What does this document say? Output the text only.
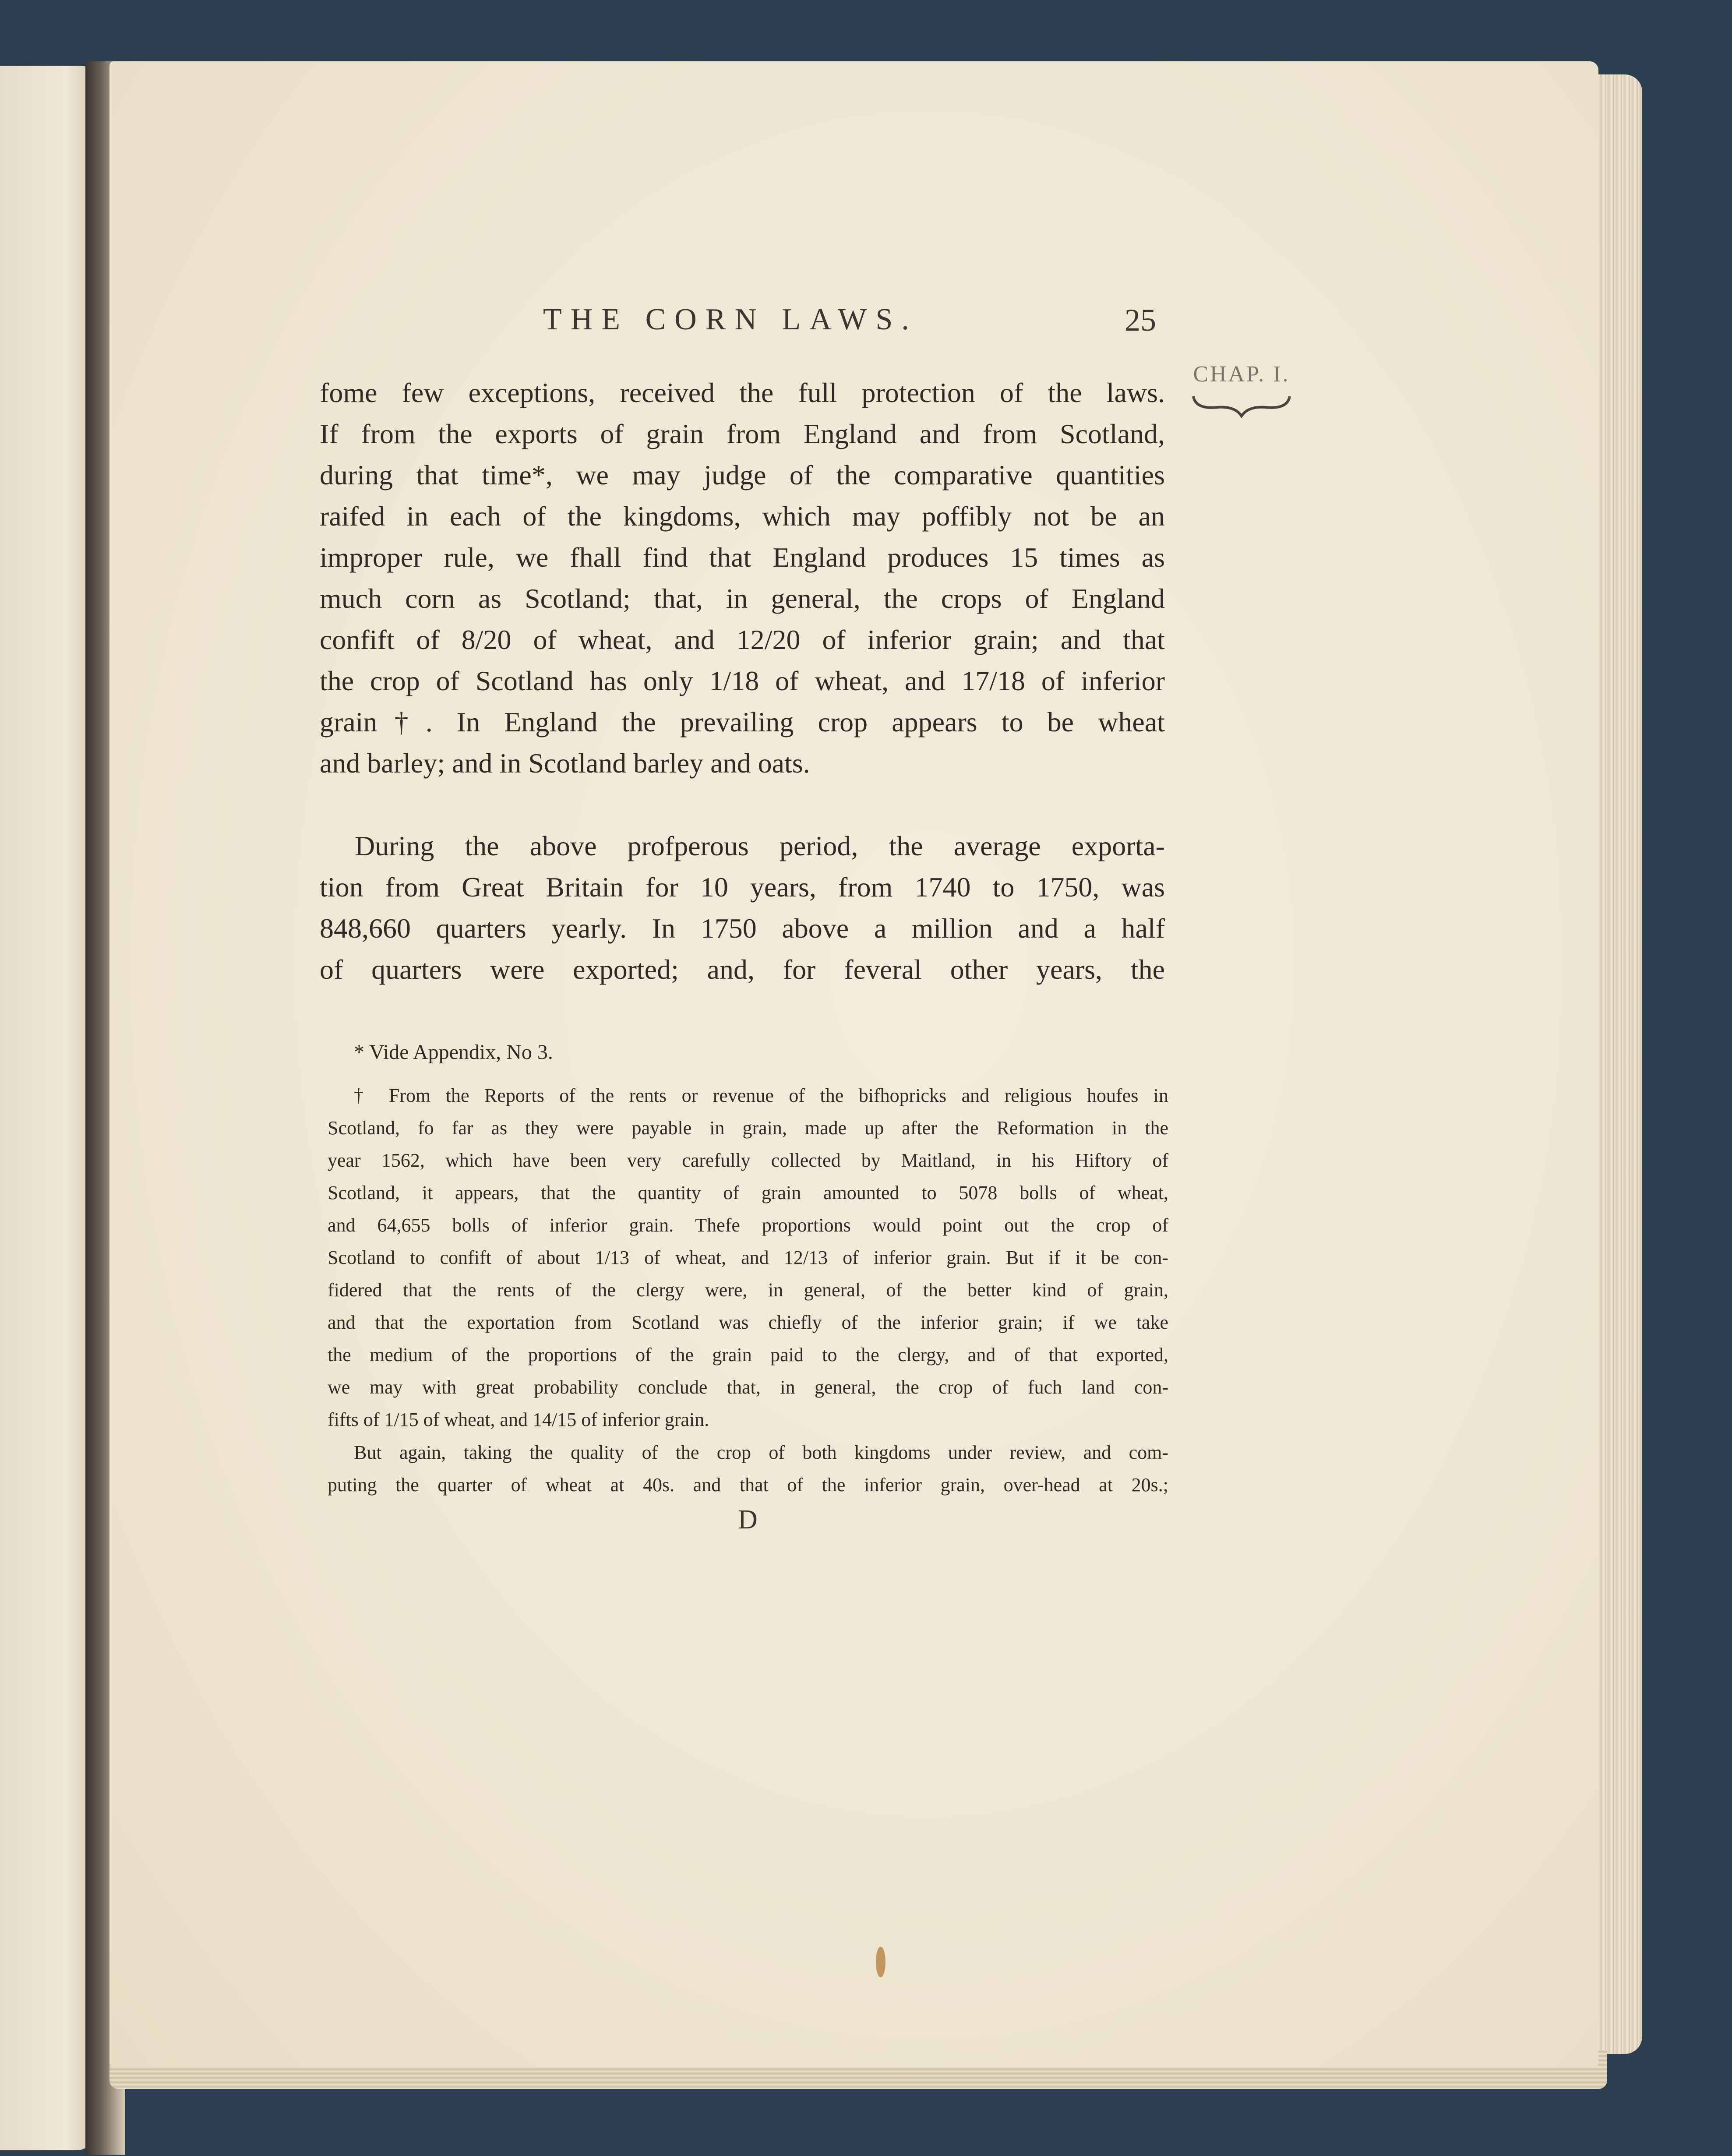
THE CORN LAWS.	25
CHAP. I.
fome few exceptions, received the full protection of the laws.
If from the exports of grain from England and from Scotland,
during that time*, we may judge of the comparative quantities
raifed in each of the kingdoms, which may poffibly not be an
improper rule, we fhall find that England produces 15 times as
much corn as Scotland; that, in general, the crops of England
confift of 8/20 of wheat, and 12/20 of inferior grain; and that
the crop of Scotland has only 1/18 of wheat, and 17/18 of inferior
grain†. In England the prevailing crop appears to be wheat
and barley; and in Scotland barley and oats.
During the above profperous period, the average exporta-
tion from Great Britain for 10 years, from 1740 to 1750, was
848,660 quarters yearly. In 1750 above a million and a half
of quarters were exported; and, for feveral other years, the
* Vide Appendix, No 3.
† From the Reports of the rents or revenue of the bifhopricks and religious houfes in
Scotland, fo far as they were payable in grain, made up after the Reformation in the
year 1562, which have been very carefully collected by Maitland, in his Hiftory of
Scotland, it appears, that the quantity of grain amounted to 5078 bolls of wheat,
and 64,655 bolls of inferior grain. Thefe proportions would point out the crop of
Scotland to confift of about 1/13 of wheat, and 12/13 of inferior grain. But if it be con-
fidered that the rents of the clergy were, in general, of the better kind of grain,
and that the exportation from Scotland was chiefly of the inferior grain; if we take
the medium of the proportions of the grain paid to the clergy, and of that exported,
we may with great probability conclude that, in general, the crop of fuch land con-
fifts of 1/15 of wheat, and 14/15 of inferior grain.
But again, taking the quality of the crop of both kingdoms under review, and com-
puting the quarter of wheat at 40s. and that of the inferior grain, over-head at 20s.;
D
